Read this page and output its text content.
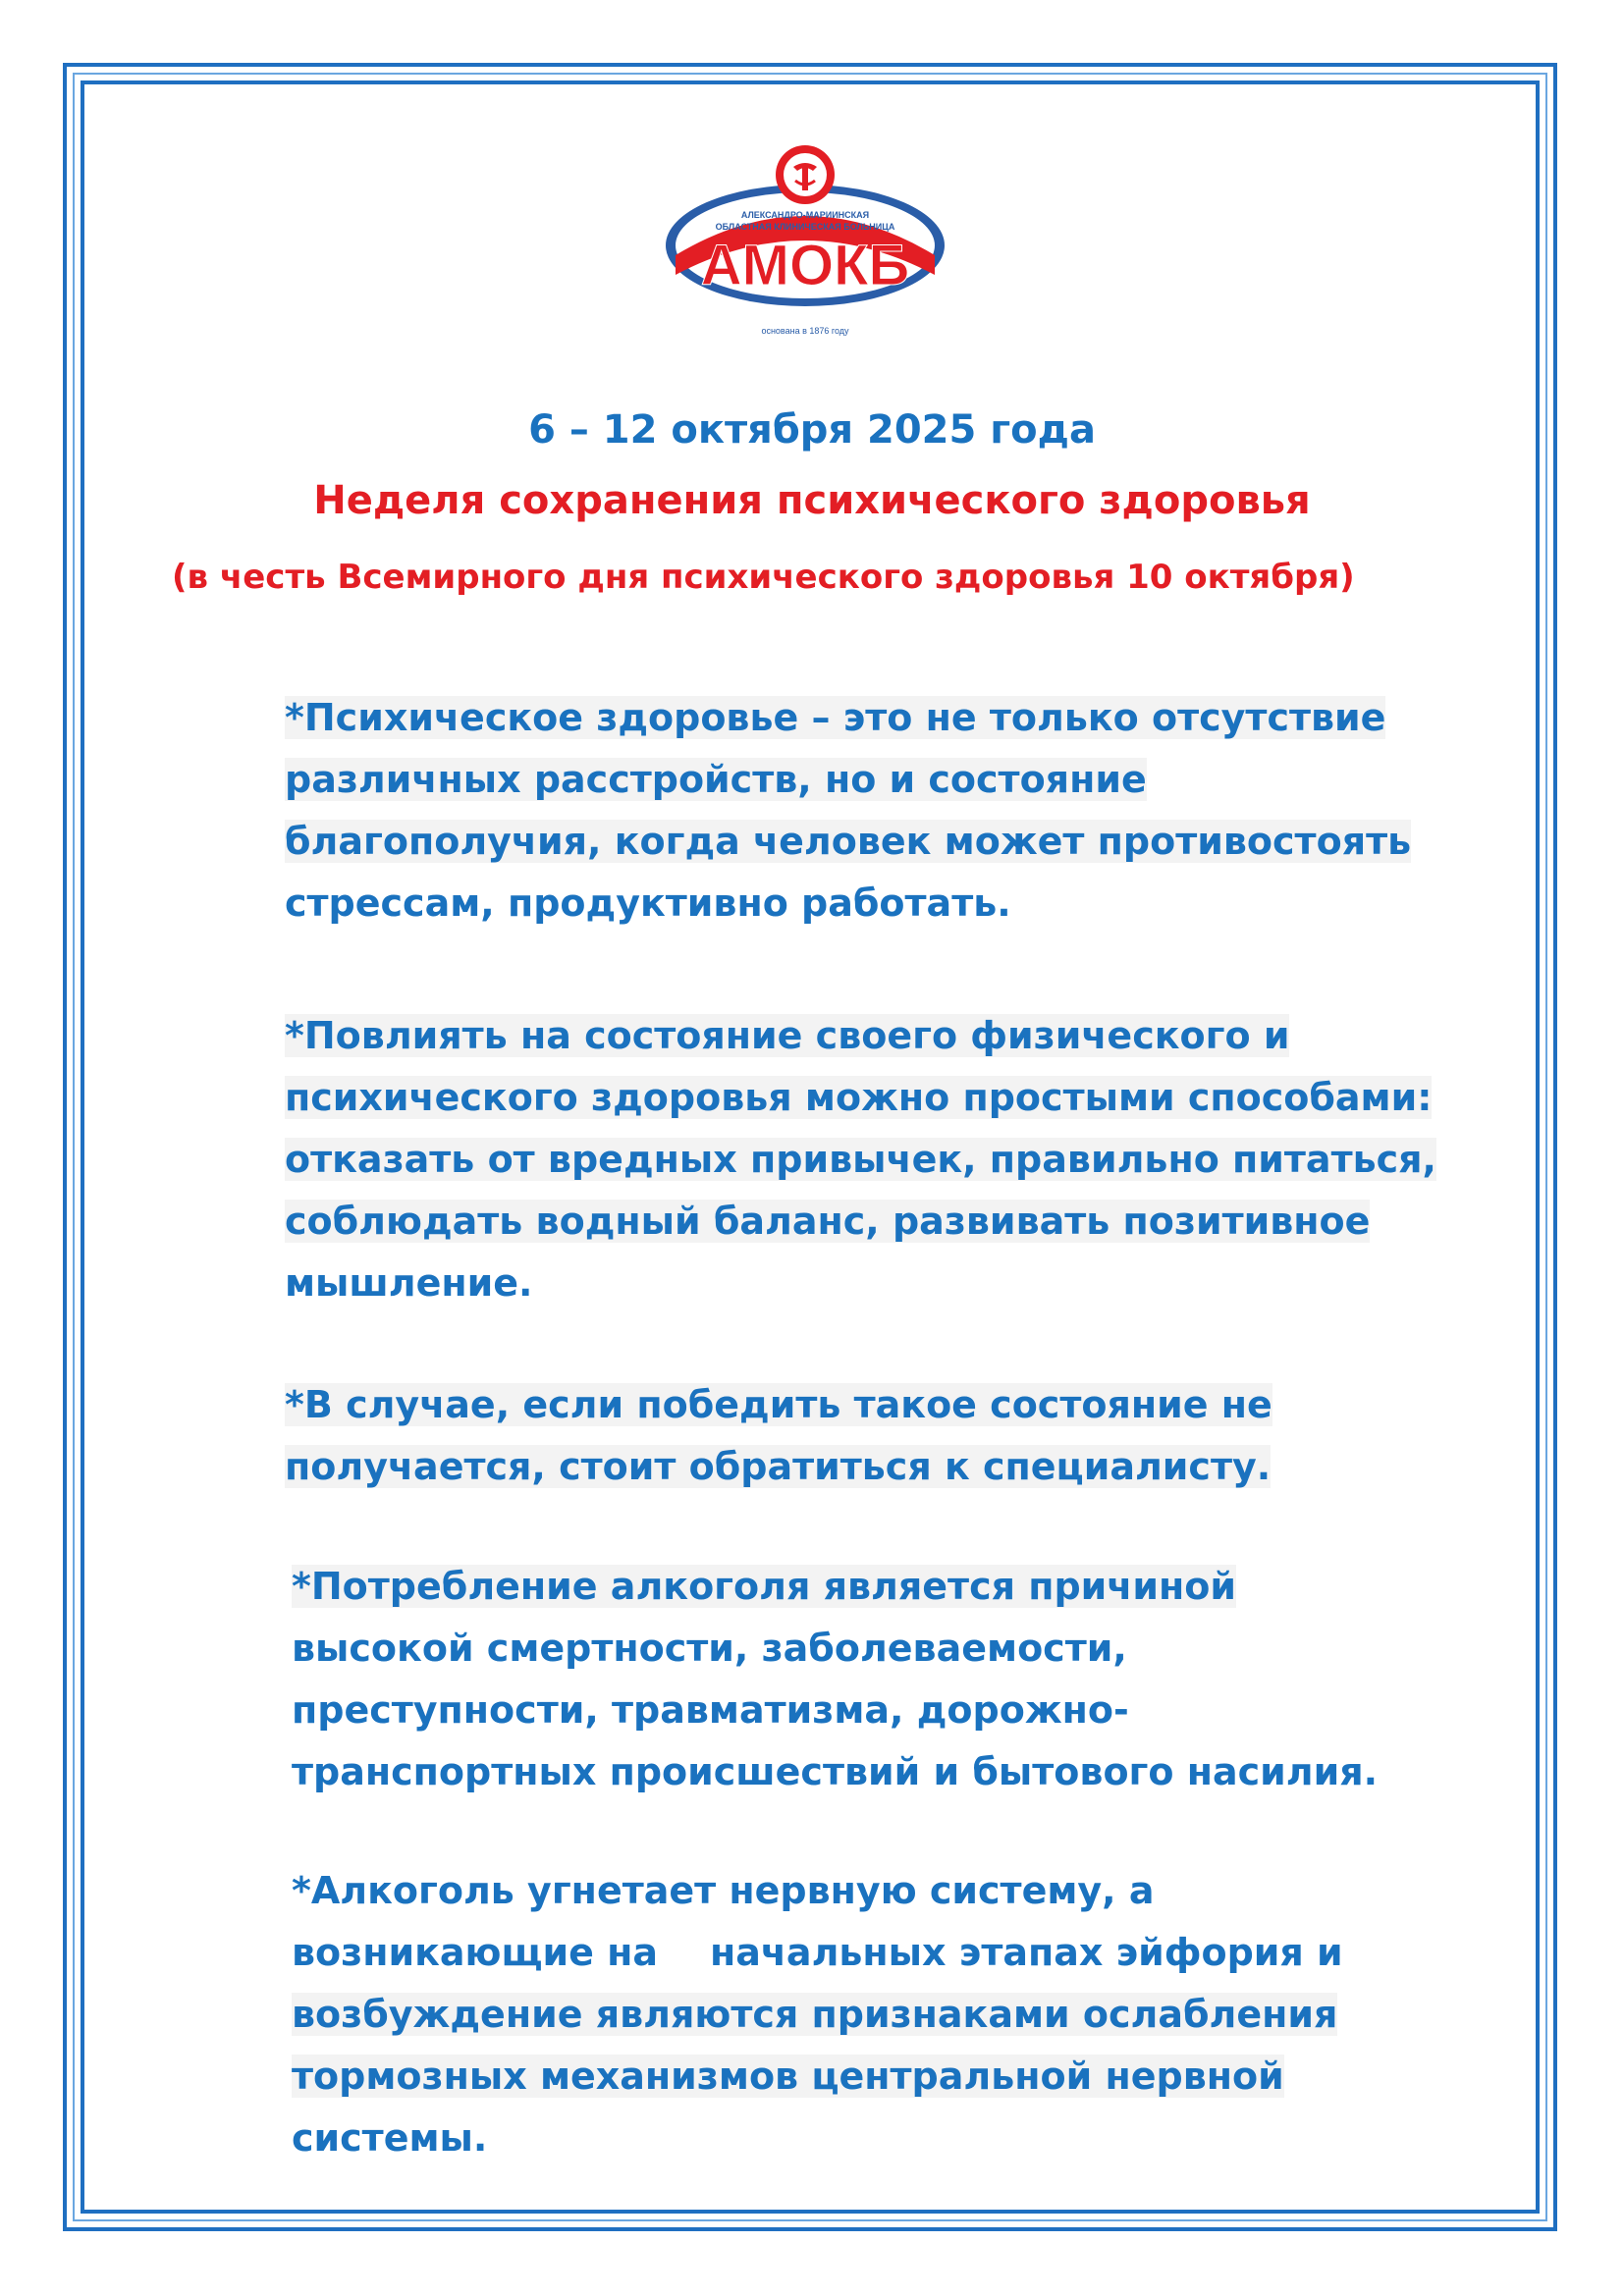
АЛЕКСАНДРО-МАРИИНСКАЯ
ОБЛАСТНАЯ КЛИНИЧЕСКАЯ БОЛЬНИЦА
АМОКБ
основана в 1876 году
6 – 12 октября 2025 года
Неделя сохранения психического здоровья
(в честь Всемирного дня психического здоровья 10 октября)
*Психическое здоровье – это не только отсутствие
различных расстройств, но и состояние
благополучия, когда человек может противостоять
стрессам, продуктивно работать.
*Повлиять на состояние своего физического и
психического здоровья можно простыми способами:
отказать от вредных привычек, правильно питаться,
соблюдать водный баланс, развивать позитивное
мышление.
*В случае, если победить такое состояние не
получается, стоит обратиться к специалисту.
*Потребление алкоголя является причиной
высокой смертности, заболеваемости,
преступности, травматизма, дорожно-
транспортных происшествий и бытового насилия.
*Алкоголь угнетает нервную систему, а
возникающие на    начальных этапах эйфория и
возбуждение являются признаками ослабления
тормозных механизмов центральной нервной
системы.
